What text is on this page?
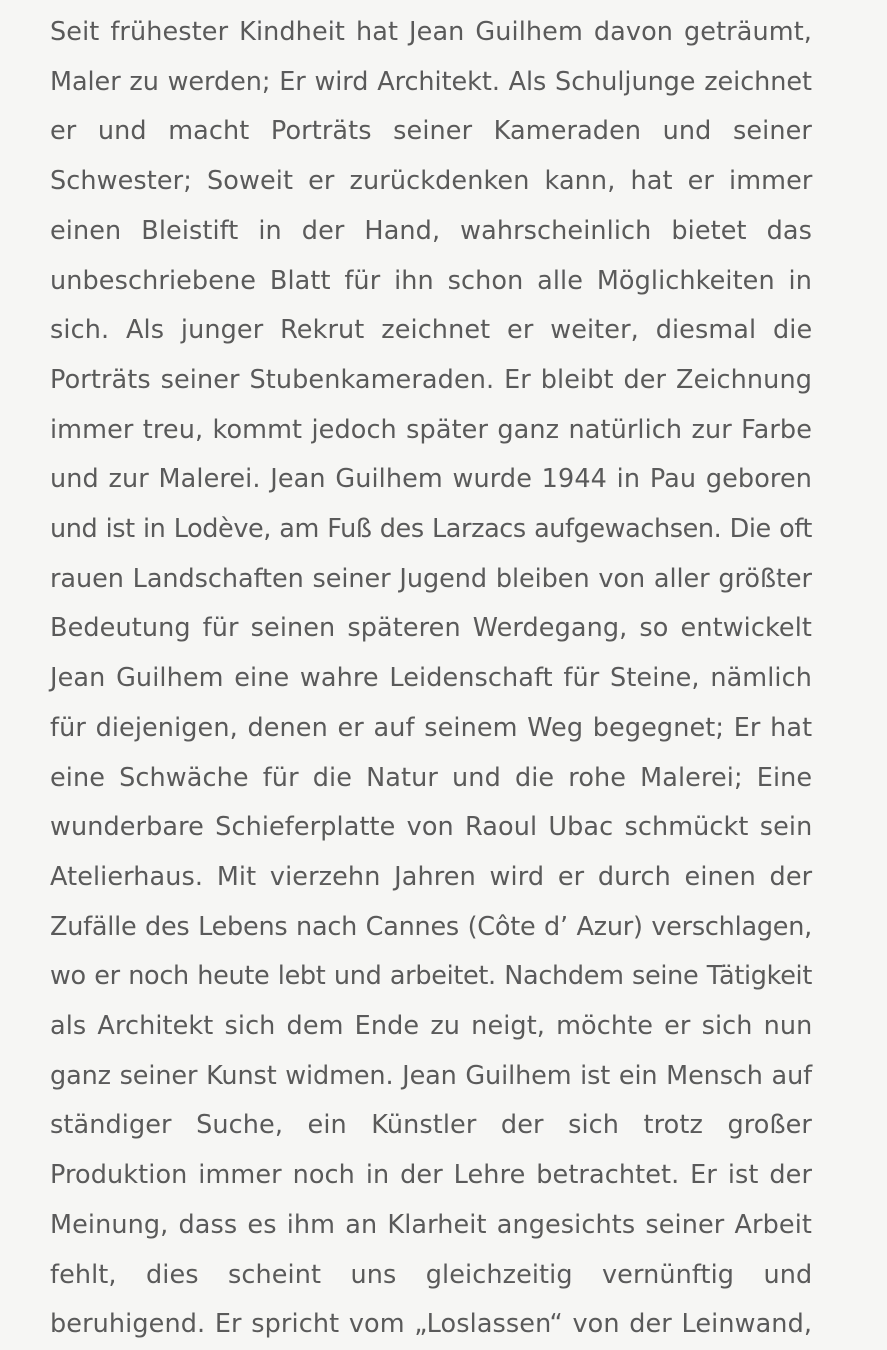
Seit frühester Kindheit hat Jean Guilhem davon geträumt,
Maler zu werden; Er wird Architekt. Als Schuljunge zeichnet
er und macht Porträts seiner Kameraden und seiner
Schwester; Soweit er zurückdenken kann, hat er immer
einen Bleistift in der Hand, wahrscheinlich bietet das
unbeschriebene Blatt für ihn schon alle Möglichkeiten in
sich. Als junger Rekrut zeichnet er weiter, diesmal die
Porträts seiner Stubenkameraden. Er bleibt der Zeichnung
immer treu, kommt jedoch später ganz natürlich zur Farbe
und zur Malerei. Jean Guilhem wurde 1944 in Pau geboren
und ist in Lodève, am Fuß des Larzacs aufgewachsen. Die oft
rauen Landschaften seiner Jugend bleiben von aller größter
Bedeutung für seinen späteren Werdegang, so entwickelt
Jean Guilhem eine wahre Leidenschaft für Steine, nämlich
für diejenigen, denen er auf seinem Weg begegnet; Er hat
eine Schwäche für die Natur und die rohe Malerei; Eine
wunderbare Schieferplatte von Raoul Ubac schmückt sein
Atelierhaus. Mit vierzehn Jahren wird er durch einen der
Zufälle des Lebens nach Cannes (Côte d’ Azur) verschlagen,
wo er noch heute lebt und arbeitet. Nachdem seine Tätigkeit
als Architekt sich dem Ende zu neigt, möchte er sich nun
ganz seiner Kunst widmen. Jean Guilhem ist ein Mensch auf
ständiger Suche, ein Künstler der sich trotz großer
Produktion immer noch in der Lehre betrachtet. Er ist der
Meinung, dass es ihm an Klarheit angesichts seiner Arbeit
fehlt, dies scheint uns gleichzeitig vernünftig und
beruhigend. Er spricht vom „Loslassen“ von der Leinwand,
